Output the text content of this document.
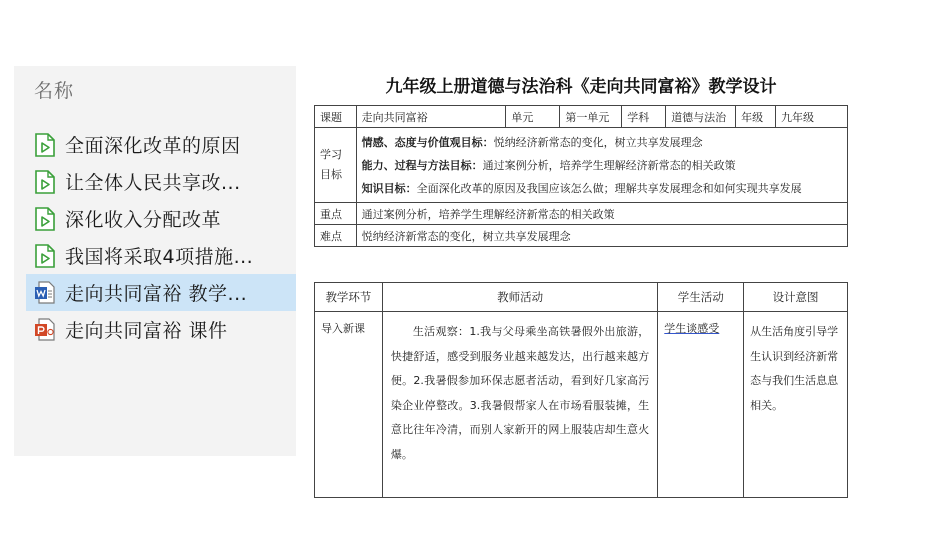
名称
全面深化改革的原因
让全体人民共享改...
深化收入分配改革
我国将采取4项措施...
走向共同富裕 教学...
走向共同富裕 课件
九年级上册道德与法治科《走向共同富裕》教学设计
课题	走向共同富裕	单元	第一单元	学科	道德与法治	年级	九年级
学习目标	情感、态度与价值观目标：悦纳经济新常态的变化，树立共享发展理念
能力、过程与方法目标：通过案例分析，培养学生理解经济新常态的相关政策
知识目标：全面深化改革的原因及我国应该怎么做；理解共享发展理念和如何实现共享发展						

重点	通过案例分析，培养学生理解经济新常态的相关政策						
难点	悦纳经济新常态的变化，树立共享发展理念						
教学环节	教师活动	学生活动	设计意图
导入新课	生活观察：1.我与父母乘坐高铁暑假外出旅游，快捷舒适，感受到服务业越来越发达，出行越来越方便。2.我暑假参加环保志愿者活动，看到好几家高污染企业停整改。3.我暑假帮家人在市场看服装摊，生意比往年冷清，而别人家新开的网上服装店却生意火爆。	学生谈感受	从生活角度引导学生认识到经济新常态与我们生活息息相关。
